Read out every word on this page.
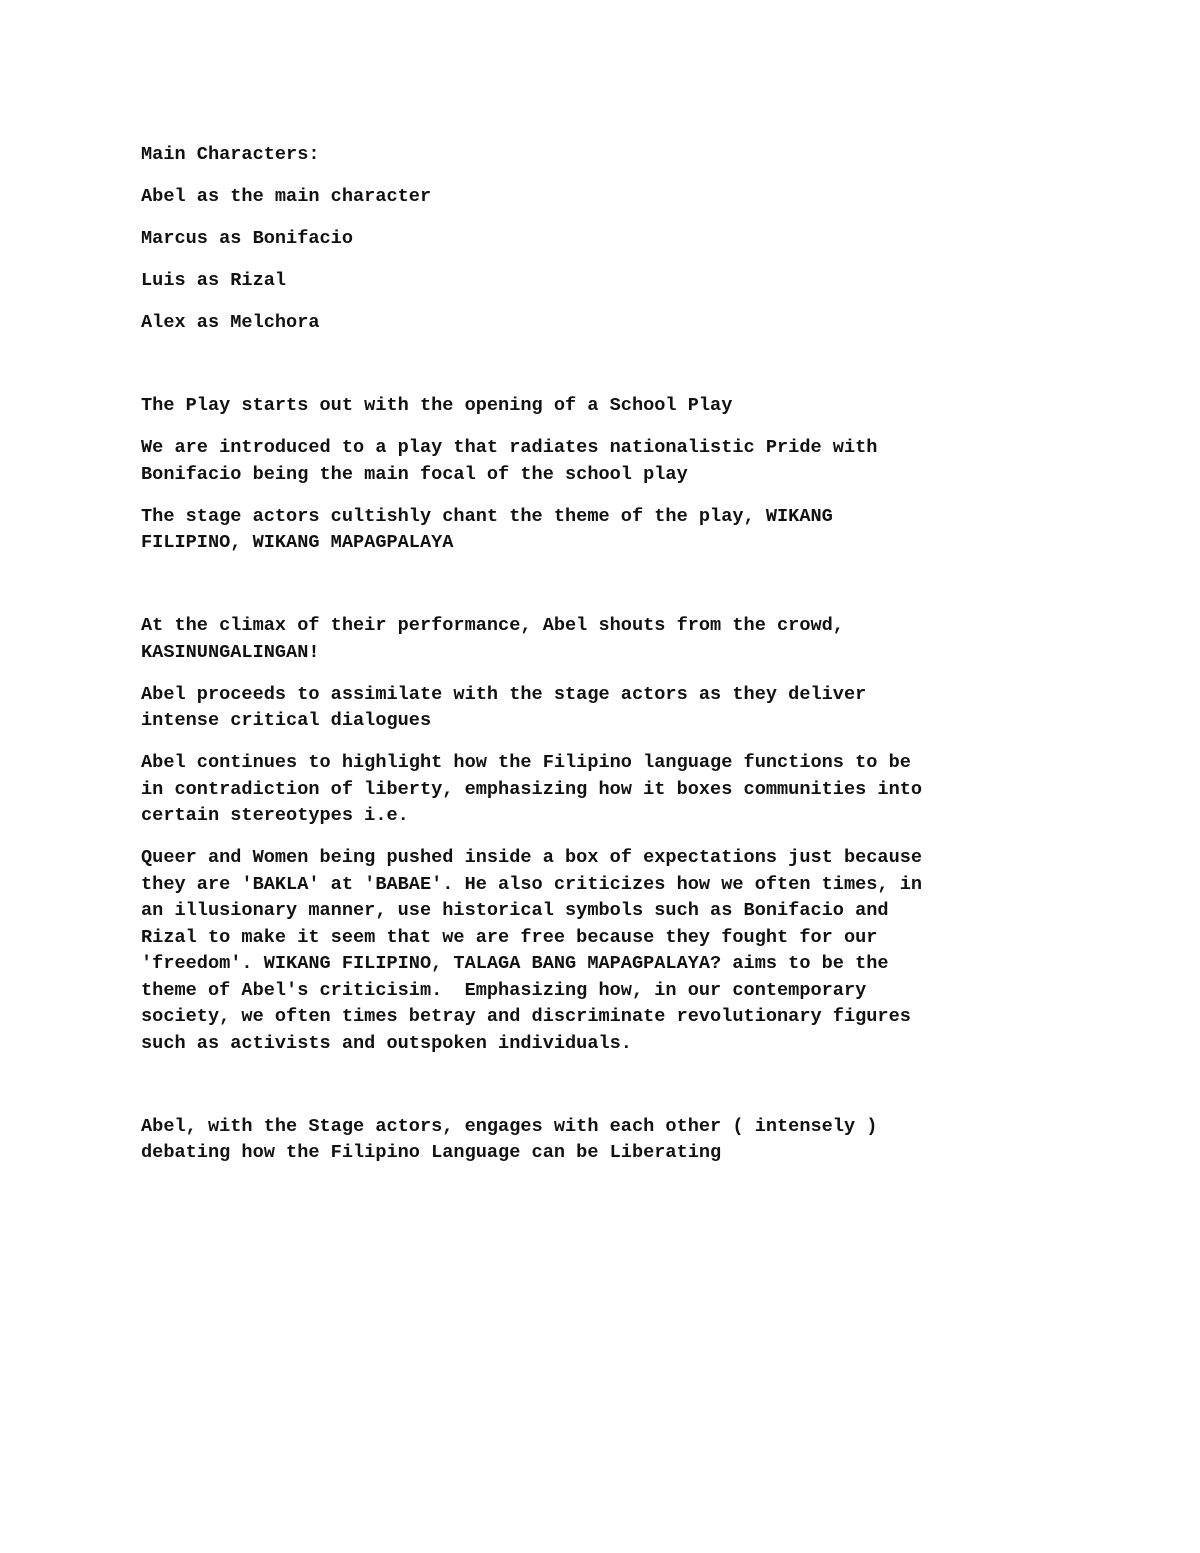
Main Characters:

Abel as the main character

Marcus as Bonifacio

Luis as Rizal

Alex as Melchora

The Play starts out with the opening of a School Play

We are introduced to a play that radiates nationalistic Pride with
Bonifacio being the main focal of the school play

The stage actors cultishly chant the theme of the play, WIKANG
FILIPINO, WIKANG MAPAGPALAYA

At the climax of their performance, Abel shouts from the crowd,
KASINUNGALINGAN!

Abel proceeds to assimilate with the stage actors as they deliver
intense critical dialogues

Abel continues to highlight how the Filipino language functions to be
in contradiction of liberty, emphasizing how it boxes communities into
certain stereotypes i.e.

Queer and Women being pushed inside a box of expectations just because
they are 'BAKLA' at 'BABAE'. He also criticizes how we often times, in
an illusionary manner, use historical symbols such as Bonifacio and
Rizal to make it seem that we are free because they fought for our
'freedom'. WIKANG FILIPINO, TALAGA BANG MAPAGPALAYA? aims to be the
theme of Abel's criticisim.  Emphasizing how, in our contemporary
society, we often times betray and discriminate revolutionary figures
such as activists and outspoken individuals.

Abel, with the Stage actors, engages with each other ( intensely )
debating how the Filipino Language can be Liberating
